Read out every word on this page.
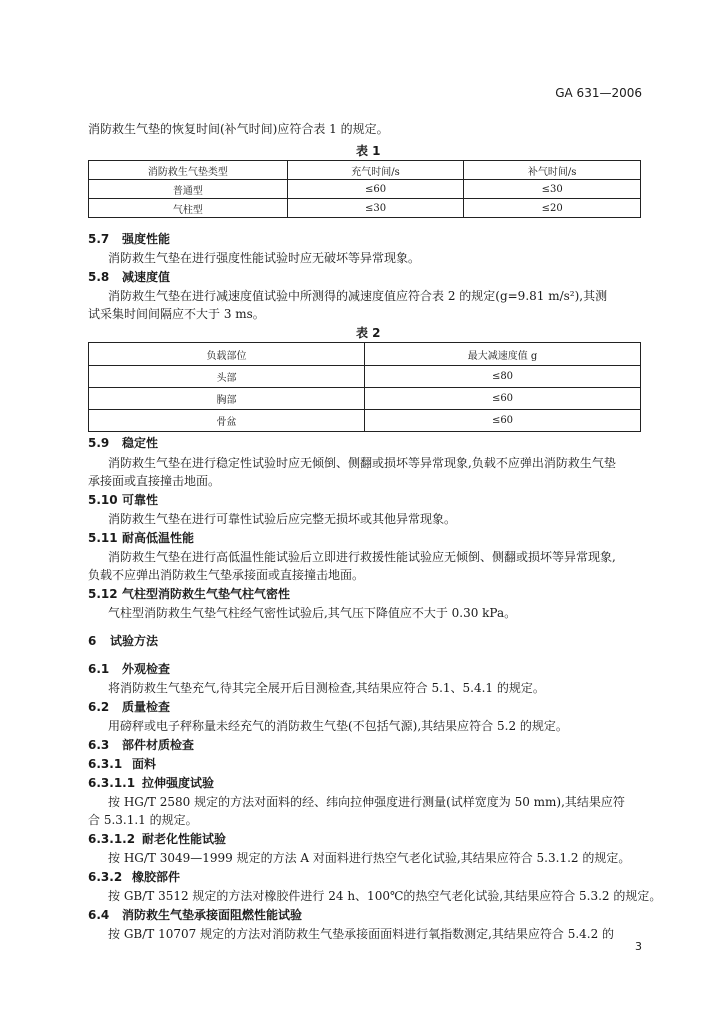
GA 631—2006
消防救生气垫的恢复时间(补气时间)应符合表 1 的规定。
表 1
消防救生气垫类型	充气时间/s	补气时间/s
普通型	≤60	≤30
气柱型	≤30	≤20
5.7 强度性能
消防救生气垫在进行强度性能试验时应无破坏等异常现象。
5.8 减速度值
消防救生气垫在进行减速度值试验中所测得的减速度值应符合表 2 的规定(g=9.81 m/s²),其测
试采集时间间隔应不大于 3 ms。
表 2
负载部位	最大减速度值 g
头部	≤80
胸部	≤60
骨盆	≤60
5.9 稳定性
消防救生气垫在进行稳定性试验时应无倾倒、侧翻或损坏等异常现象,负载不应弹出消防救生气垫
承接面或直接撞击地面。
5.10 可靠性
消防救生气垫在进行可靠性试验后应完整无损坏或其他异常现象。
5.11 耐高低温性能
消防救生气垫在进行高低温性能试验后立即进行救援性能试验应无倾倒、侧翻或损坏等异常现象,
负载不应弹出消防救生气垫承接面或直接撞击地面。
5.12 气柱型消防救生气垫气柱气密性
气柱型消防救生气垫气柱经气密性试验后,其气压下降值应不大于 0.30 kPa。
6 试验方法
6.1 外观检查
将消防救生气垫充气,待其完全展开后目测检查,其结果应符合 5.1、5.4.1 的规定。
6.2 质量检查
用磅秤或电子秤称量未经充气的消防救生气垫(不包括气源),其结果应符合 5.2 的规定。
6.3 部件材质检查
6.3.1 面料
6.3.1.1 拉伸强度试验
按 HG/T 2580 规定的方法对面料的经、纬向拉伸强度进行测量(试样宽度为 50 mm),其结果应符
合 5.3.1.1 的规定。
6.3.1.2 耐老化性能试验
按 HG/T 3049—1999 规定的方法 A 对面料进行热空气老化试验,其结果应符合 5.3.1.2 的规定。
6.3.2 橡胶部件
按 GB/T 3512 规定的方法对橡胶件进行 24 h、100℃的热空气老化试验,其结果应符合 5.3.2 的规定。
6.4 消防救生气垫承接面阻燃性能试验
按 GB/T 10707 规定的方法对消防救生气垫承接面面料进行氧指数测定,其结果应符合 5.4.2 的
3
